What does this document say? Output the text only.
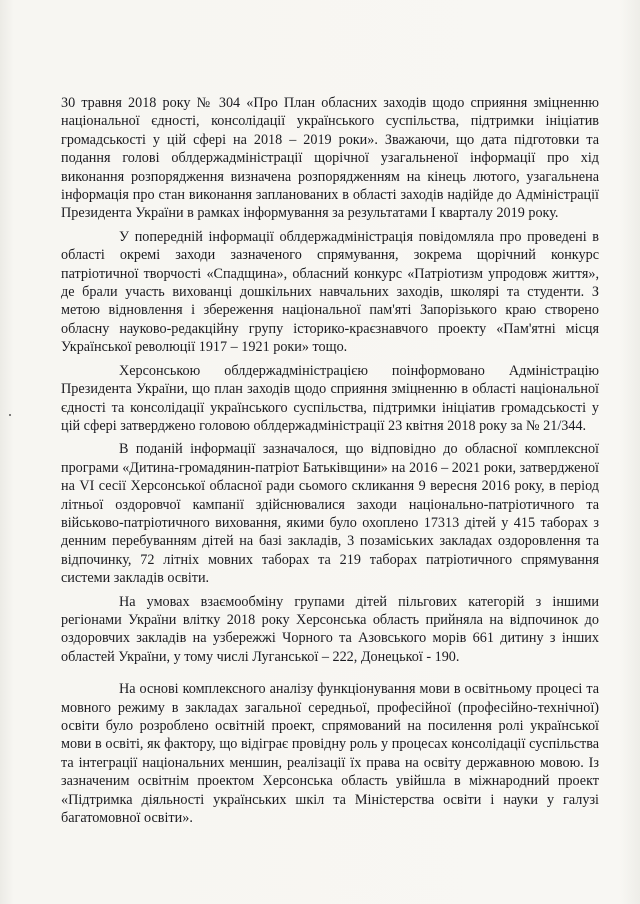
30 травня 2018 року № 304 «Про План обласних заходів щодо сприяння зміцненню національної єдності, консолідації українського суспільства, підтримки ініціатив громадськості у цій сфері на 2018 – 2019 роки». Зважаючи, що дата підготовки та подання голові облдержадміністрації щорічної узагальненої інформації про хід виконання розпорядження визначена розпорядженням на кінець лютого, узагальнена інформація про стан виконання запланованих в області заходів надійде до Адміністрації Президента України в рамках інформування за результатами І кварталу 2019 року.

У попередній інформації облдержадміністрація повідомляла про проведені в області окремі заходи зазначеного спрямування, зокрема щорічний конкурс патріотичної творчості «Спадщина», обласний конкурс «Патріотизм упродовж життя», де брали участь вихованці дошкільних навчальних заходів, школярі та студенти. З метою відновлення і збереження національної пам'яті Запорізького краю створено обласну науково-редакційну групу історико-краєзнавчого проекту «Пам'ятні місця Української революції 1917 – 1921 роки» тощо.

Херсонською облдержадміністрацією поінформовано Адміністрацію Президента України, що план заходів щодо сприяння зміцненню в області національної єдності та консолідації українського суспільства, підтримки ініціатив громадськості у цій сфері затверджено головою облдержадміністрації 23 квітня 2018 року за № 21/344.

В поданій інформації зазначалося, що відповідно до обласної комплексної програми «Дитина-громадянин-патріот Батьківщини» на 2016 – 2021 роки, затвердженої на VI сесії Херсонської обласної ради сьомого скликання 9 вересня 2016 року, в період літньої оздоровчої кампанії здійснювалися заходи національно-патріотичного та військово-патріотичного виховання, якими було охоплено 17313 дітей у 415 таборах з денним перебуванням дітей на базі закладів, 3 позаміських закладах оздоровлення та відпочинку, 72 літніх мовних таборах та 219 таборах патріотичного спрямування системи закладів освіти.

На умовах взаємообміну групами дітей пільгових категорій з іншими регіонами України влітку 2018 року Херсонська область прийняла на відпочинок до оздоровчих закладів на узбережжі Чорного та Азовського морів 661 дитину з інших областей України, у тому числі Луганської – 222, Донецької - 190.

На основі комплексного аналізу функціонування мови в освітньому процесі та мовного режиму в закладах загальної середньої, професійної (професійно-технічної) освіти було розроблено освітній проект, спрямований на посилення ролі української мови в освіті, як фактору, що відіграє провідну роль у процесах консолідації суспільства та інтеграції національних меншин, реалізації їх права на освіту державною мовою. Із зазначеним освітнім проектом Херсонська область увійшла в міжнародний проект «Підтримка діяльності українських шкіл та Міністерства освіти і науки у галузі багатомовної освіти».
